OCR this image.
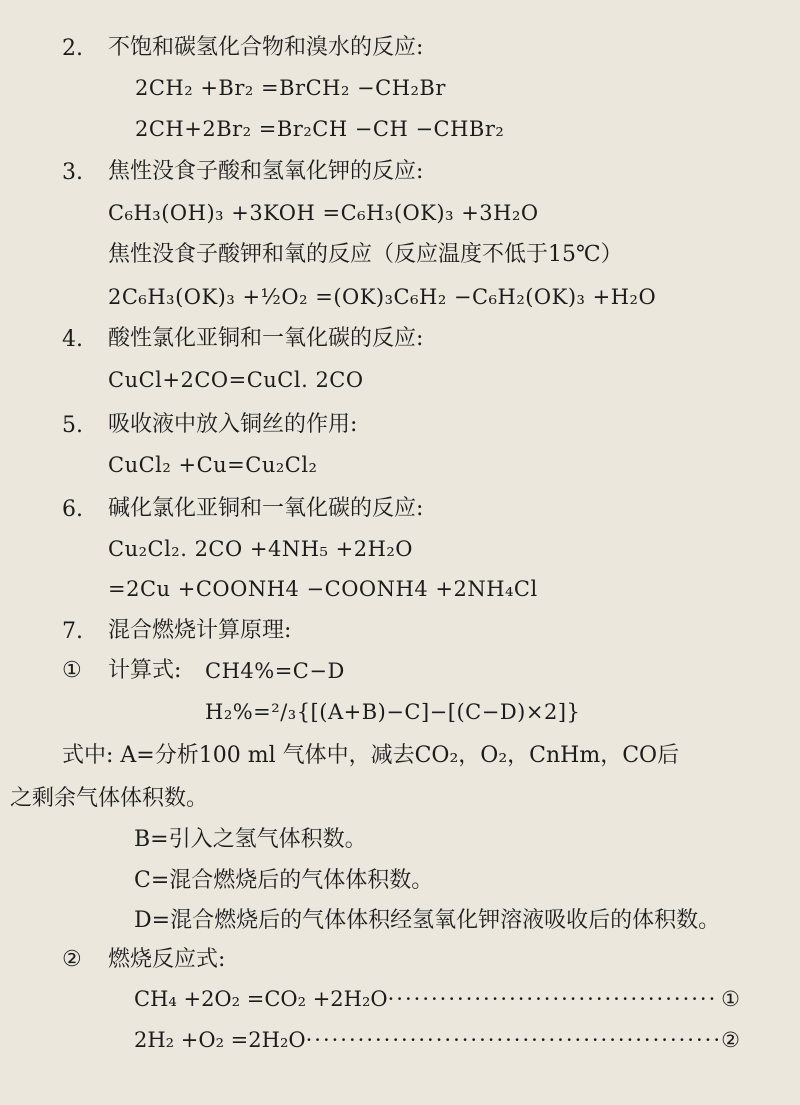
2. 不饱和碳氢化合物和溴水的反应:
2CH₂ +Br₂ =BrCH₂ −CH₂Br
2CH+2Br₂ =Br₂CH −CH −CHBr₂
3. 焦性没食子酸和氢氧化钾的反应:
C₆H₃(OH)₃ +3KOH =C₆H₃(OK)₃ +3H₂O
焦性没食子酸钾和氧的反应（反应温度不低于15℃）
2C₆H₃(OK)₃ +½O₂ =(OK)₃C₆H₂ −C₆H₂(OK)₃ +H₂O
4. 酸性氯化亚铜和一氧化碳的反应:
CuCl+2CO=CuCl. 2CO
5. 吸收液中放入铜丝的作用:
CuCl₂ +Cu=Cu₂Cl₂
6. 碱化氯化亚铜和一氧化碳的反应:
Cu₂Cl₂. 2CO +4NH₅ +2H₂O
=2Cu +COONH4 −COONH4 +2NH₄Cl
7. 混合燃烧计算原理:
① 计算式: CH4%=C−D
H₂%=²/₃{[(A+B)−C]−[(C−D)×2]}
式中: A=分析100 ml 气体中，减去CO₂，O₂，CnHm，CO后
之剩余气体体积数。
B=引入之氢气体积数。
C=混合燃烧后的气体体积数。
D=混合燃烧后的气体体积经氢氧化钾溶液吸收后的体积数。
② 燃烧反应式:
CH₄ +2O₂ =CO₂ +2H₂O ·····	①
2H₂ +O₂ =2H₂O ·····	②
